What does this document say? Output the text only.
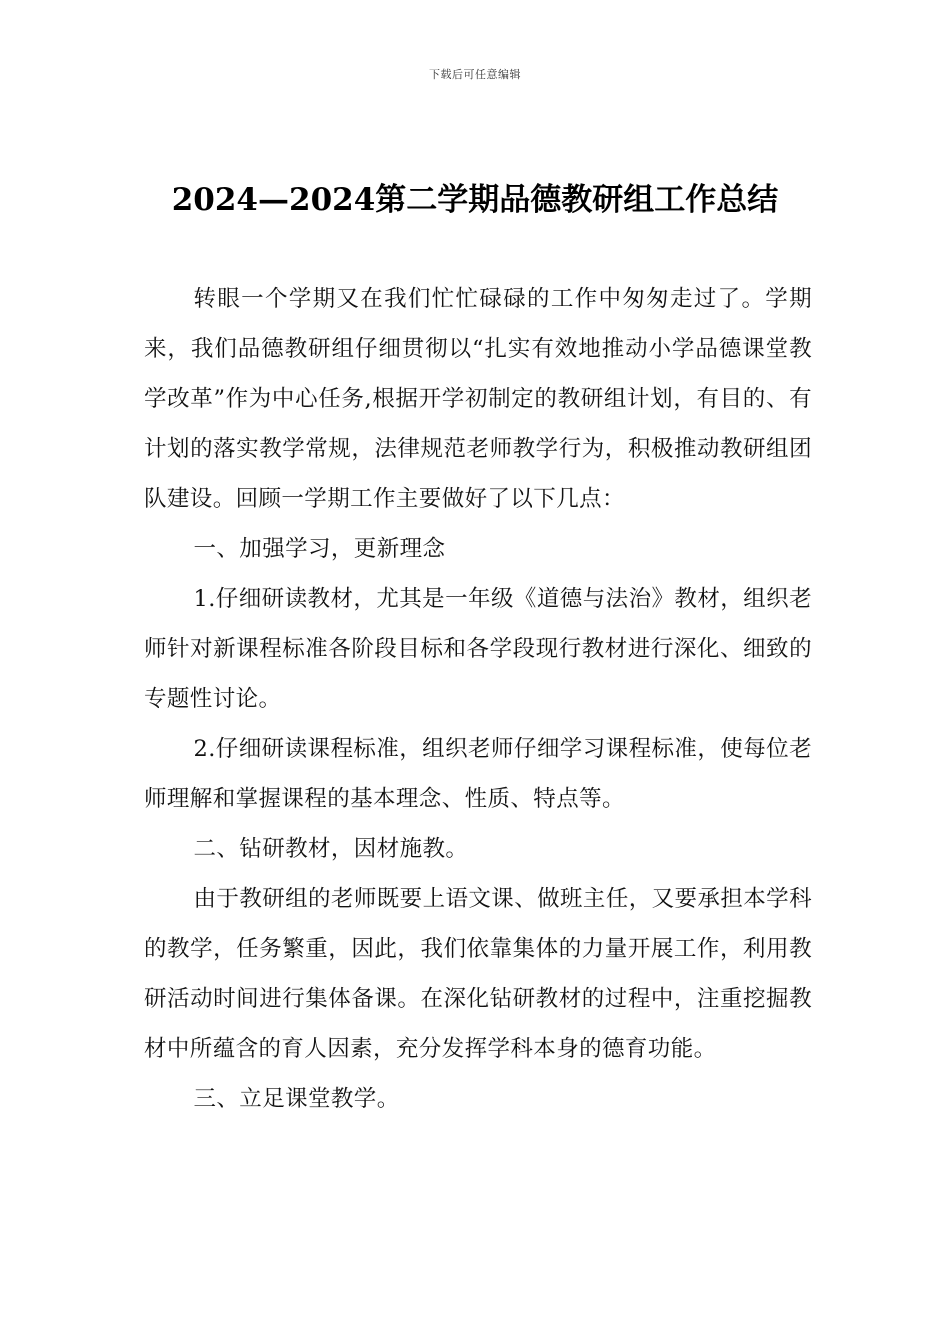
下载后可任意编辑
2024—2024第二学期品德教研组工作总结

转眼一个学期又在我们忙忙碌碌的工作中匆匆走过了。学期来，我们品德教研组仔细贯彻以“扎实有效地推动小学品德课堂教学改革”作为中心任务,根据开学初制定的教研组计划，有目的、有计划的落实教学常规，法律规范老师教学行为，积极推动教研组团队建设。回顾一学期工作主要做好了以下几点：

一、加强学习，更新理念

1.仔细研读教材，尤其是一年级《道德与法治》教材，组织老师针对新课程标准各阶段目标和各学段现行教材进行深化、细致的专题性讨论。

2.仔细研读课程标准，组织老师仔细学习课程标准，使每位老师理解和掌握课程的基本理念、性质、特点等。

二、钻研教材，因材施教。

由于教研组的老师既要上语文课、做班主任，又要承担本学科的教学，任务繁重，因此，我们依靠集体的力量开展工作，利用教研活动时间进行集体备课。在深化钻研教材的过程中，注重挖掘教材中所蕴含的育人因素，充分发挥学科本身的德育功能。

三、立足课堂教学。
